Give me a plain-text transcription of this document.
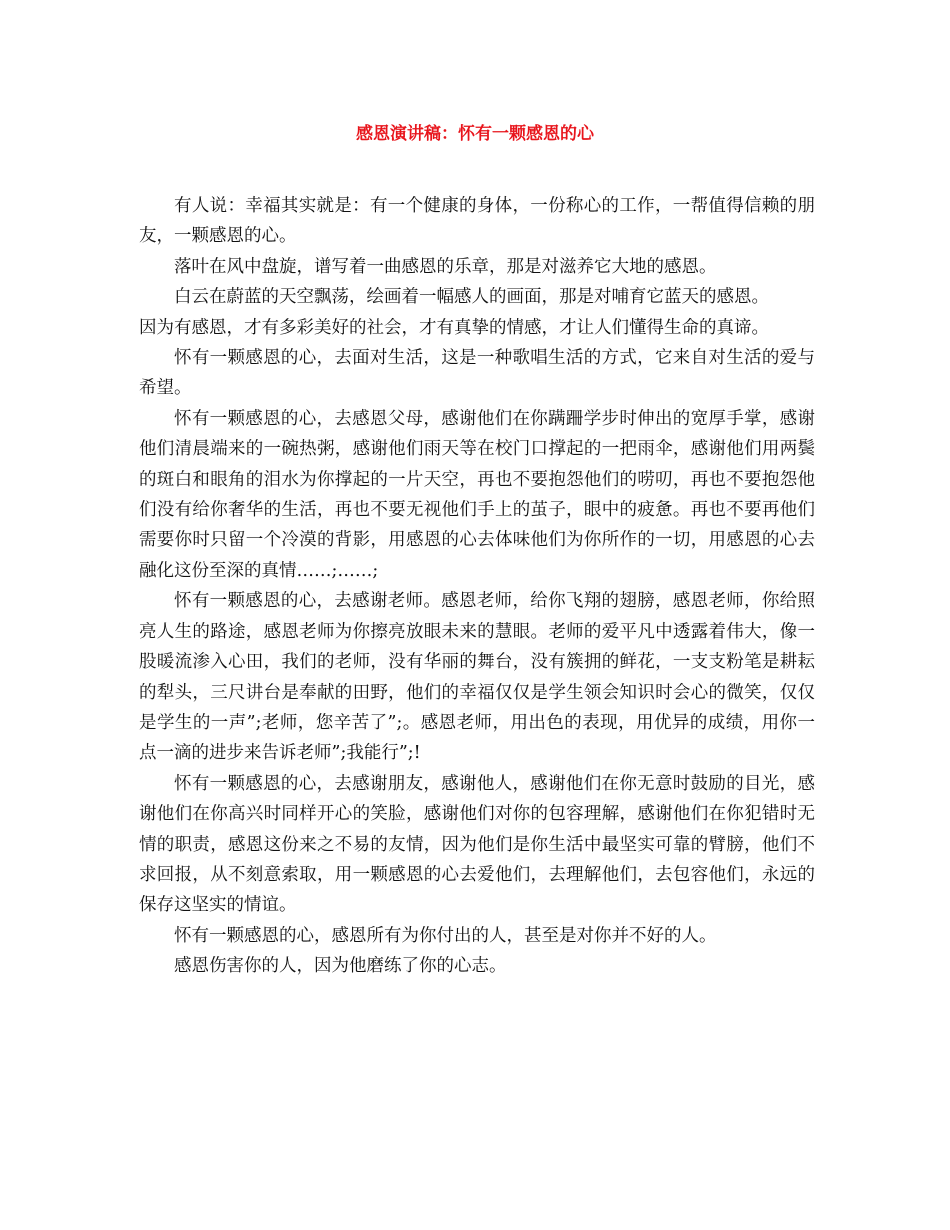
感恩演讲稿：怀有一颗感恩的心

有人说：幸福其实就是：有一个健康的身体，一份称心的工作，一帮值得信赖的朋友，一颗感恩的心。

落叶在风中盘旋，谱写着一曲感恩的乐章，那是对滋养它大地的感恩。

白云在蔚蓝的天空飘荡，绘画着一幅感人的画面，那是对哺育它蓝天的感恩。

因为有感恩，才有多彩美好的社会，才有真挚的情感，才让人们懂得生命的真谛。

怀有一颗感恩的心，去面对生活，这是一种歌唱生活的方式，它来自对生活的爱与希望。

怀有一颗感恩的心，去感恩父母，感谢他们在你蹒跚学步时伸出的宽厚手掌，感谢他们清晨端来的一碗热粥，感谢他们雨天等在校门口撑起的一把雨伞，感谢他们用两鬓的斑白和眼角的泪水为你撑起的一片天空，再也不要抱怨他们的唠叨，再也不要抱怨他们没有给你奢华的生活，再也不要无视他们手上的茧子，眼中的疲惫。再也不要再他们需要你时只留一个冷漠的背影，用感恩的心去体味他们为你所作的一切，用感恩的心去融化这份至深的真情……;……;

怀有一颗感恩的心，去感谢老师。感恩老师，给你飞翔的翅膀，感恩老师，你给照亮人生的路途，感恩老师为你擦亮放眼未来的慧眼。老师的爱平凡中透露着伟大，像一股暖流渗入心田，我们的老师，没有华丽的舞台，没有簇拥的鲜花，一支支粉笔是耕耘的犁头，三尺讲台是奉献的田野，他们的幸福仅仅是学生领会知识时会心的微笑，仅仅是学生的一声”;老师，您辛苦了”;。感恩老师，用出色的表现，用优异的成绩，用你一点一滴的进步来告诉老师”;我能行”;!

怀有一颗感恩的心，去感谢朋友，感谢他人，感谢他们在你无意时鼓励的目光，感谢他们在你高兴时同样开心的笑脸，感谢他们对你的包容理解，感谢他们在你犯错时无情的职责，感恩这份来之不易的友情，因为他们是你生活中最坚实可靠的臂膀，他们不求回报，从不刻意索取，用一颗感恩的心去爱他们，去理解他们，去包容他们，永远的保存这坚实的情谊。

怀有一颗感恩的心，感恩所有为你付出的人，甚至是对你并不好的人。

感恩伤害你的人，因为他磨练了你的心志。
